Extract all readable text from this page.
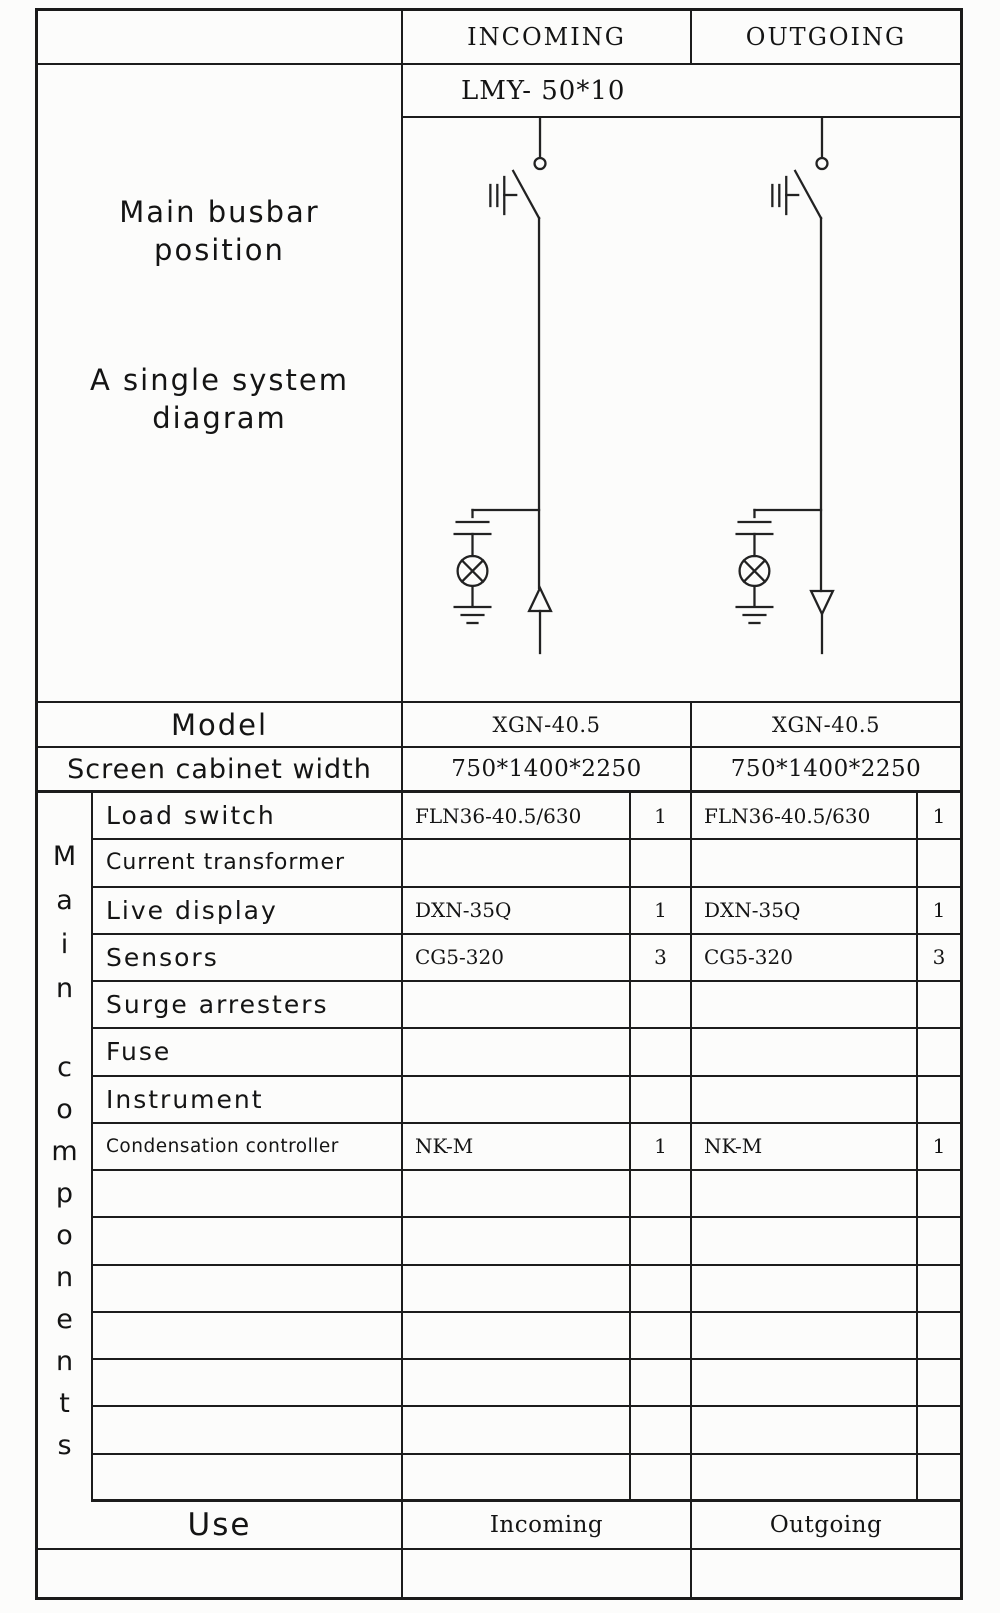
INCOMING	OUTGOING
Main busbar
position
A single system
diagram
LMY- 50*10
Model	XGN-40.5	XGN-40.5
Screen cabinet width	750*1400*2250	750*1400*2250
M
a
i
n
c
o
m
p
o
n
e
n
t
s
Use	Incoming	Outgoing
Load switch	FLN36-40.5/630	1	FLN36-40.5/630	1
Current transformer
Live display	DXN-35Q	1	DXN-35Q	1
Sensors	CG5-320	3	CG5-320	3
Surge arresters
Fuse
Instrument
Condensation controller	NK-M	1	NK-M	1
